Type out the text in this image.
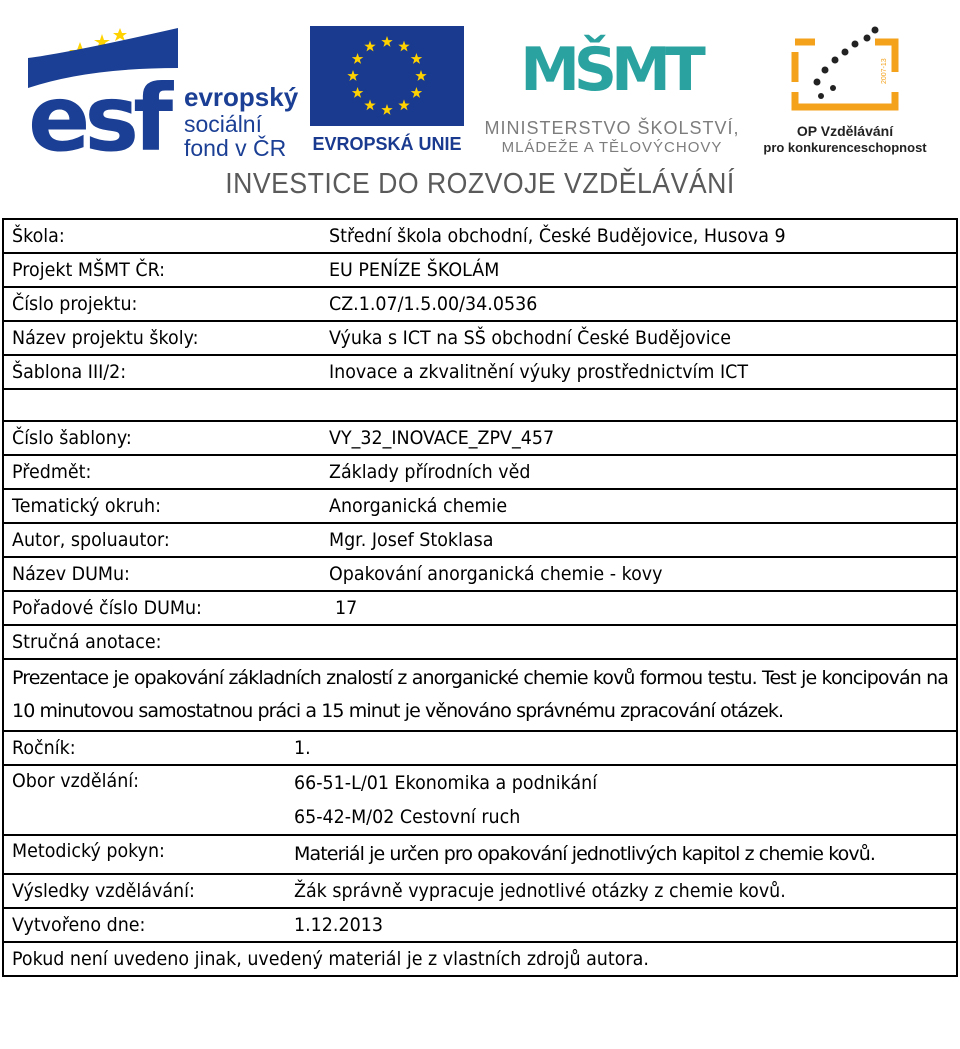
esf evropský
sociální
fond v ČR EVROPSKÁ UNIE
MŠMT
MINISTERSTVO ŠKOLSTVÍ,
MLÁDEŽE A TĚLOVÝCHOVY
2007-13
OP Vzdělávání
pro konkurenceschopnost
INVESTICE DO ROZVOJE VZDĚLÁVÁNÍ
Škola:		Střední škola obchodní, České Budějovice, Husova 9
Projekt MŠMT ČR:		EU PENÍZE ŠKOLÁM
Číslo projektu:		CZ.1.07/1.5.00/34.0536
Název projektu školy:		Výuka s ICT na SŠ obchodní České Budějovice
Šablona III/2:		Inovace a zkvalitnění výuky prostřednictvím ICT

Číslo šablony:		VY_32_INOVACE_ZPV_457
Předmět:		Základy přírodních věd
Tematický okruh:		Anorganická chemie
Autor, spoluautor:		Mgr. Josef Stoklasa
Název DUMu:		Opakování anorganická chemie - kovy
Pořadové číslo DUMu:		17
Stručná anotace:		
Prezentace je opakování základních znalostí z anorganické chemie kovů formou testu. Test je koncipován na 10 minutovou samostatnou práci a 15 minut je věnováno správnému zpracování otázek.		
Ročník:	1.	
Obor vzdělání:	66-51-L/01 Ekonomika a podnikání
65-42-M/02 Cestovní ruch	
Metodický pokyn:	Materiál je určen pro opakování jednotlivých kapitol z chemie kovů.	
Výsledky vzdělávání:	Žák správně vypracuje jednotlivé otázky z chemie kovů.	
Vytvořeno dne:	1.12.2013	
Pokud není uvedeno jinak, uvedený materiál je z vlastních zdrojů autora.		
